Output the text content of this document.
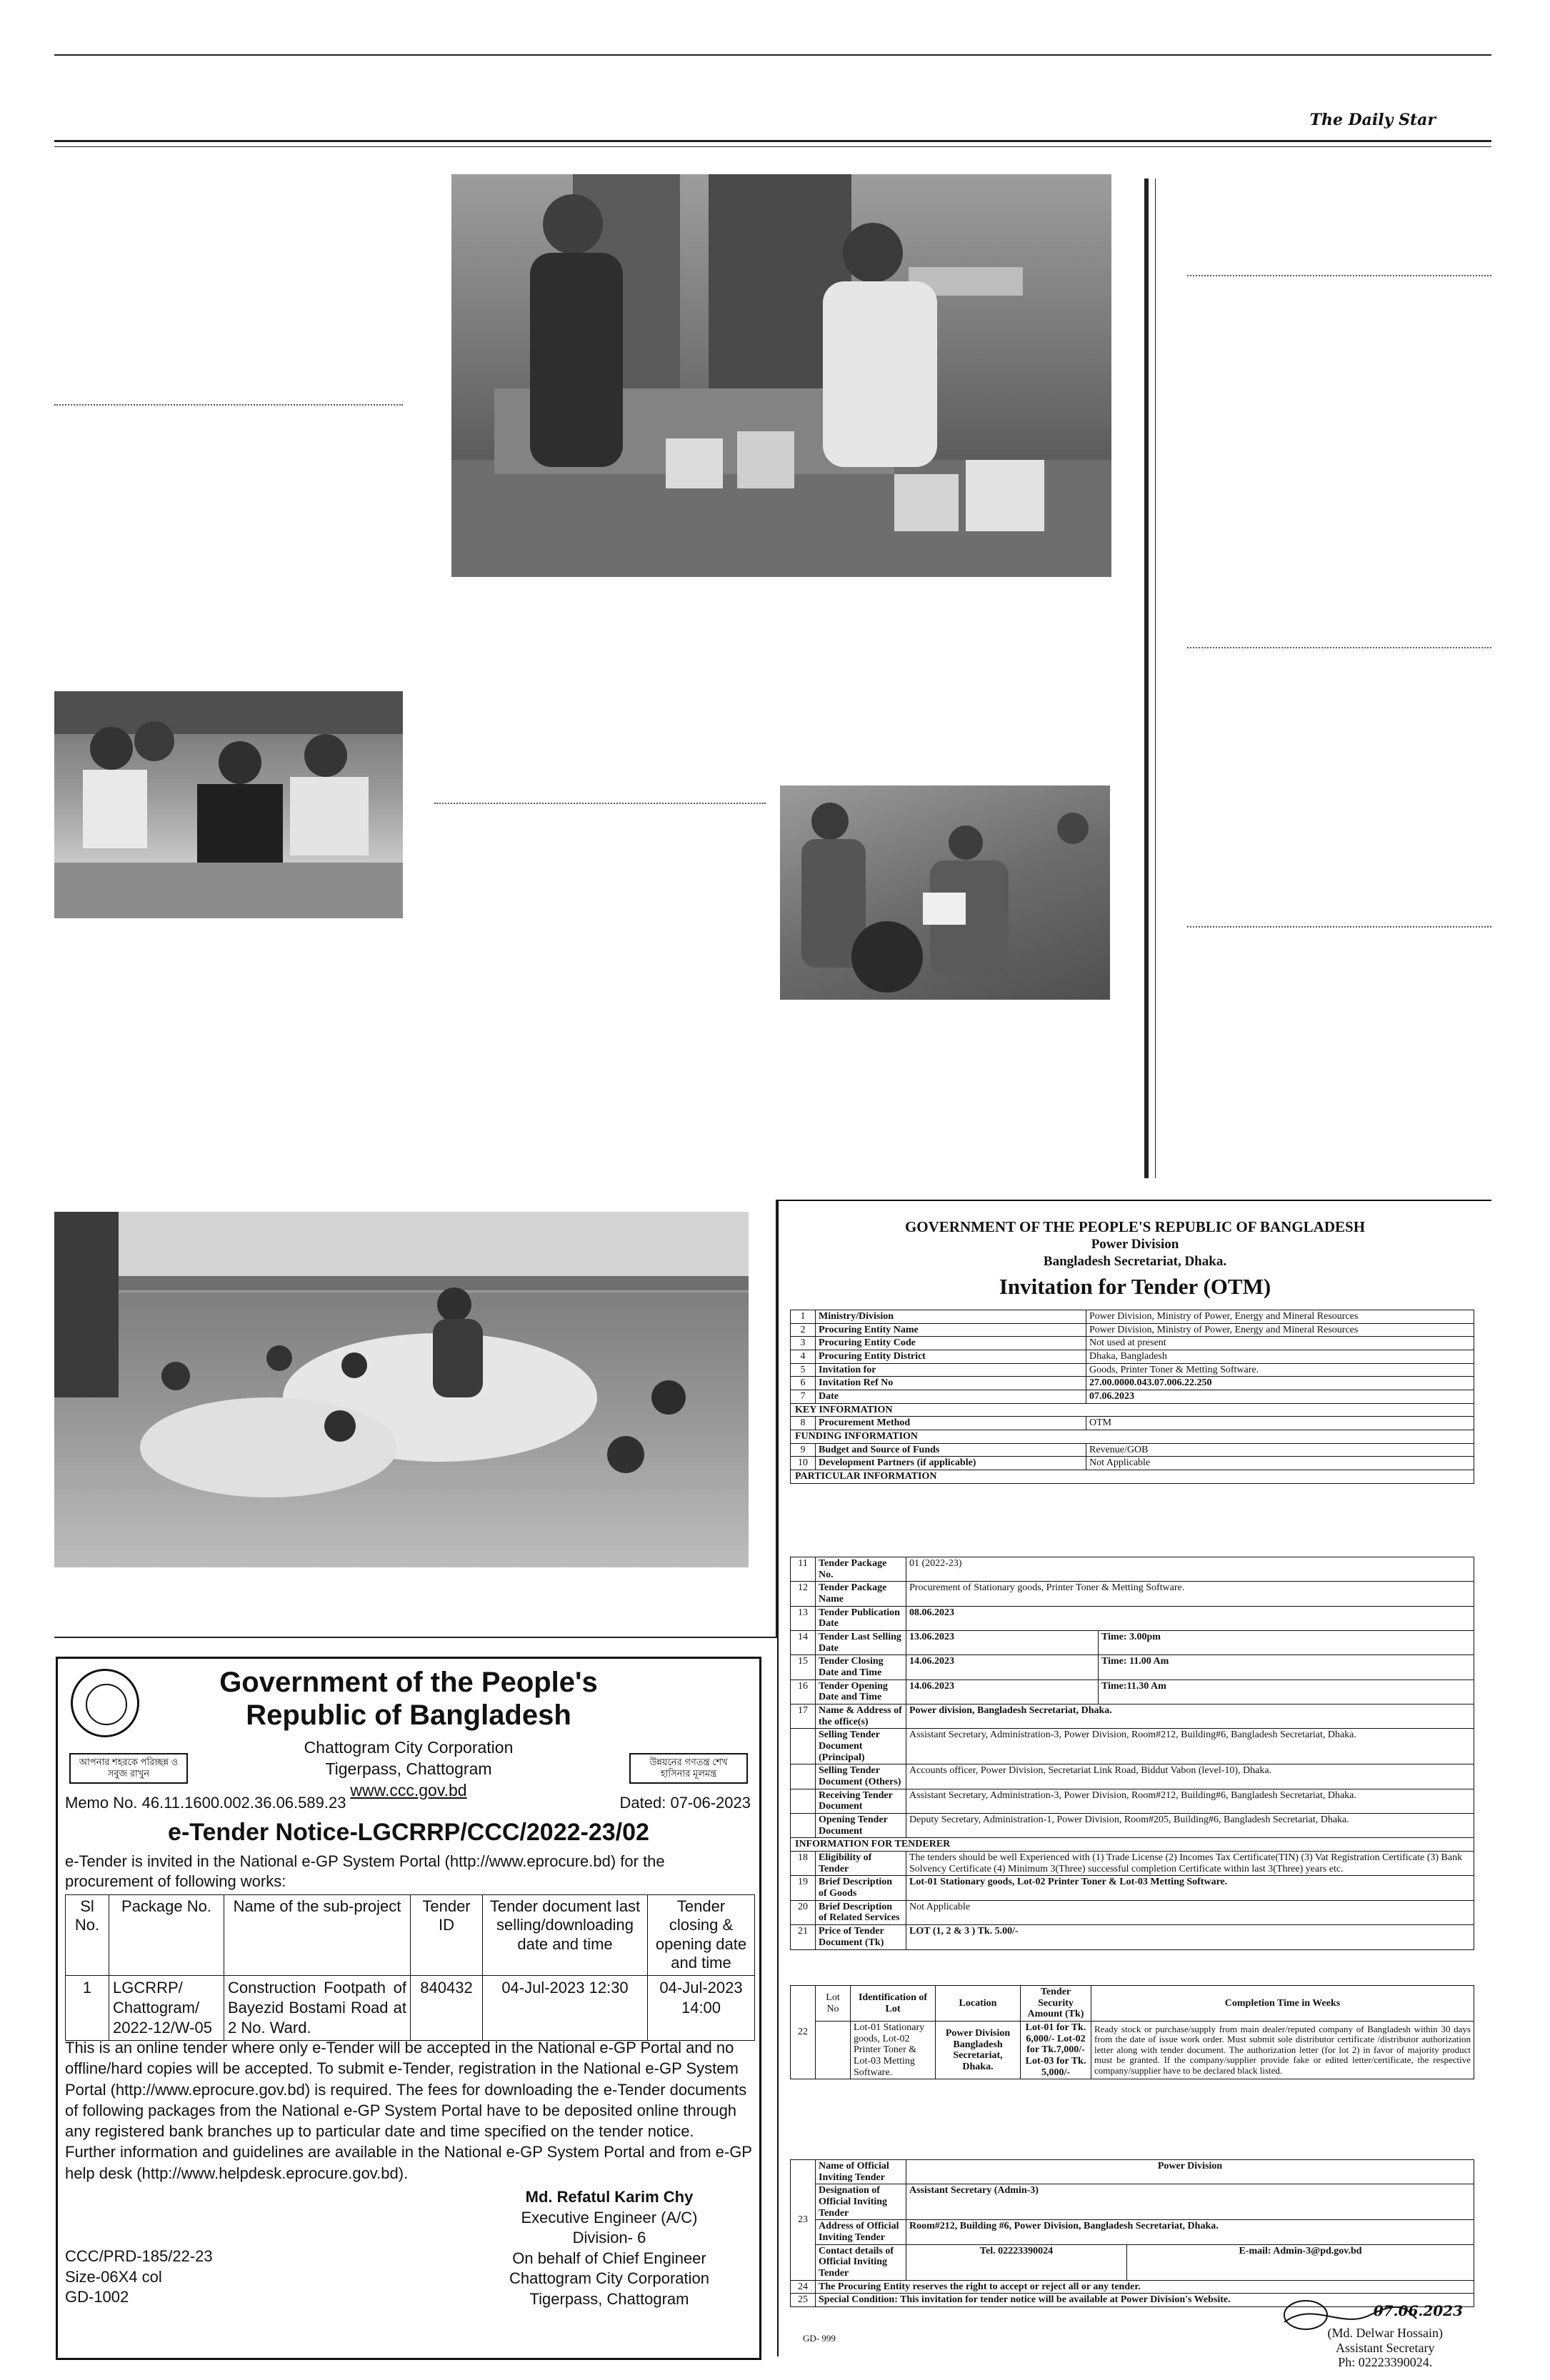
The Daily Star
আপনার শহরকে পরিচ্ছন্ন ও সবুজ রাখুন
উন্নয়নের গণতন্ত্র শেখ হাসিনার মূলমন্ত্র
Government of the People's
Republic of Bangladesh
Chattogram City Corporation
Tigerpass, Chattogram
www.ccc.gov.bd
Memo No. 46.11.1600.002.36.06.589.23	Dated: 07-06-2023
e-Tender Notice-LGCRRP/CCC/2022-23/02
e-Tender is invited in the National e-GP System Portal (http://www.eprocure.bd) for the procurement of following works:
Sl No.	Package No.	Name of the sub-project	Tender ID	Tender document last selling/downloading date and time	Tender closing & opening date and time
1	LGCRRP/ Chattogram/ 2022-12/W-05	Construction Footpath of Bayezid Bostami Road at 2 No. Ward.	840432	04-Jul-2023 12:30	04-Jul-2023 14:00
This is an online tender where only e-Tender will be accepted in the National e-GP Portal and no offline/hard copies will be accepted. To submit e-Tender, registration in the National e-GP System Portal (http://www.eprocure.gov.bd) is required. The fees for downloading the e-Tender documents of following packages from the National e-GP System Portal have to be deposited online through any registered bank branches up to particular date and time specified on the tender notice.
Further information and guidelines are available in the National e-GP System Portal and from e-GP help desk (http://www.helpdesk.eprocure.gov.bd).
Md. Refatul Karim Chy
Executive Engineer (A/C)
Division- 6
On behalf of Chief Engineer
Chattogram City Corporation
Tigerpass, Chattogram
CCC/PRD-185/22-23
Size-06X4 col
GD-1002
GOVERNMENT OF THE PEOPLE'S REPUBLIC OF BANGLADESH
Power Division
Bangladesh Secretariat, Dhaka.
Invitation for Tender (OTM)
1	Ministry/Division	Power Division, Ministry of Power, Energy and Mineral Resources
2	Procuring Entity Name	Power Division, Ministry of Power, Energy and Mineral Resources
3	Procuring Entity Code	Not used at present
4	Procuring Entity District	Dhaka, Bangladesh
5	Invitation for	Goods, Printer Toner & Metting Software.
6	Invitation Ref No	27.00.0000.043.07.006.22.250
7	Date	07.06.2023
KEY INFORMATION		
8	Procurement Method	OTM
FUNDING INFORMATION		
9	Budget and Source of Funds	Revenue/GOB
10	Development Partners (if applicable)	Not Applicable
PARTICULAR INFORMATION		
11	Tender Package No.	01 (2022-23)	
12	Tender Package Name	Procurement of Stationary goods, Printer Toner & Metting Software.	
13	Tender Publication Date	08.06.2023	
14	Tender Last Selling Date	13.06.2023	Time: 3.00pm
15	Tender Closing Date and Time	14.06.2023	Time: 11.00 Am
16	Tender Opening Date and Time	14.06.2023	Time:11.30 Am
17	Name & Address of the office(s)	Power division, Bangladesh Secretariat, Dhaka.	
	Selling Tender Document (Principal)	Assistant Secretary, Administration-3, Power Division, Room#212, Building#6, Bangladesh Secretariat, Dhaka.	
	Selling Tender Document (Others)	Accounts officer, Power Division, Secretariat Link Road, Biddut Vabon (level-10), Dhaka.	
	Receiving Tender Document	Assistant Secretary, Administration-3, Power Division, Room#212, Building#6, Bangladesh Secretariat, Dhaka.	
	Opening Tender Document	Deputy Secretary, Administration-1, Power Division, Room#205, Building#6, Bangladesh Secretariat, Dhaka.	
INFORMATION FOR TENDERER			
18	Eligibility of Tender	The tenders should be well Experienced with (1) Trade License (2) Incomes Tax Certificate(TIN) (3) Vat Registration Certificate (3) Bank Solvency Certificate (4) Minimum 3(Three) successful completion Certificate within last 3(Three) years etc.	
19	Brief Description of Goods	Lot-01 Stationary goods, Lot-02 Printer Toner & Lot-03 Metting Software.	
20	Brief Description of Related Services	Not Applicable	
21	Price of Tender Document (Tk)	LOT (1, 2 & 3 ) Tk. 5.00/-	
22	Lot No	Identification of Lot	Location	Tender Security Amount (Tk)	Completion Time in Weeks
		Lot-01 Stationary goods, Lot-02 Printer Toner & Lot-03 Metting Software.	Power Division Bangladesh Secretariat, Dhaka.	Lot-01 for Tk. 6,000/- Lot-02 for Tk.7,000/- Lot-03 for Tk. 5,000/-	Ready stock or purchase/supply from main dealer/reputed company of Bangladesh within 30 days from the date of issue work order. Must submit sole distributor certificate /distributor authorization letter along with tender document. The authorization letter (for lot 2) in favor of majority product must be granted. If the company/supplier provide fake or edited letter/certificate, the respective company/supplier have to be declared black listed.
23	Name of Official Inviting Tender	Power Division	
	Designation of Official Inviting Tender	Assistant Secretary (Admin-3)	
	Address of Official Inviting Tender	Room#212, Building #6, Power Division, Bangladesh Secretariat, Dhaka.	
	Contact details of Official Inviting Tender	Tel. 02223390024	E-mail: Admin-3@pd.gov.bd
24	The Procuring Entity reserves the right to accept or reject all or any tender.		
25	Special Condition: This invitation for tender notice will be available at Power Division's Website.		
07.06.2023
(Md. Delwar Hossain)
Assistant Secretary
Ph: 02223390024.
GD- 999
